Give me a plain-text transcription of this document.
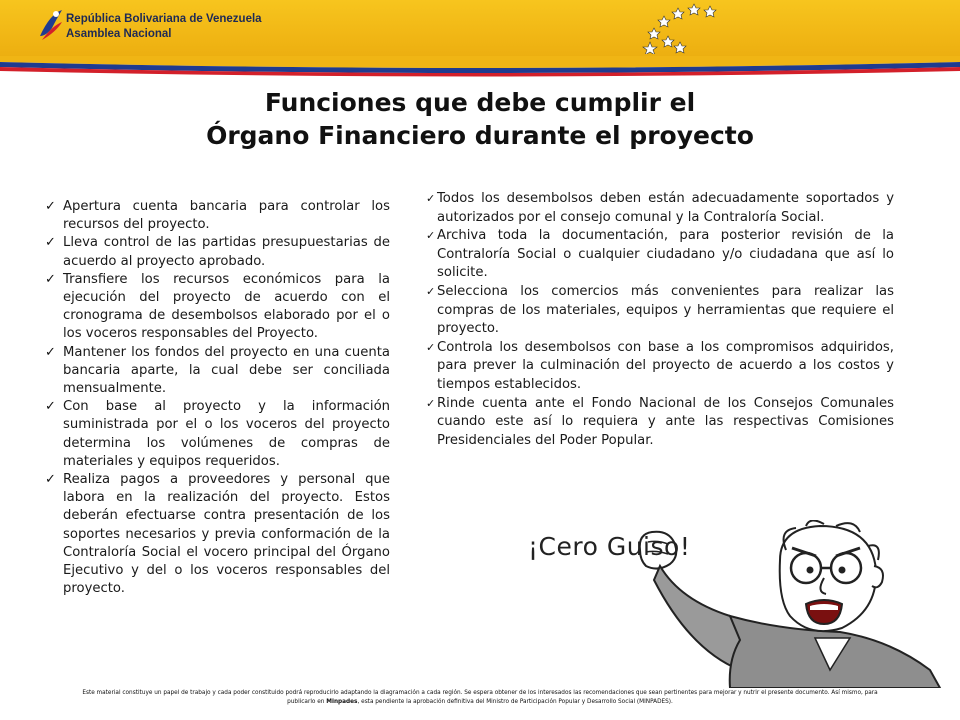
República Bolivariana de Venezuela
Asamblea Nacional
Funciones que debe cumplir el
Órgano Financiero durante el proyecto
✓ Apertura cuenta bancaria para controlar los recursos del proyecto.
✓ Lleva control de las partidas presupuestarias de acuerdo al proyecto aprobado.
✓ Transfiere los recursos económicos para la ejecución del proyecto de acuerdo con el cronograma de desembolsos elaborado por el o los voceros responsables del Proyecto.
✓ Mantener los fondos del proyecto en una cuenta bancaria aparte, la cual debe ser conciliada mensualmente.
✓ Con base al proyecto y la información suministrada por el o los voceros del proyecto determina los volúmenes de compras de materiales y equipos requeridos.
✓ Realiza pagos a proveedores y personal que labora en la realización del proyecto. Estos deberán efectuarse contra presentación de los soportes necesarios y previa conformación de la Contraloría Social el vocero principal del Órgano Ejecutivo y del o los voceros responsables del proyecto.
✓ Todos los desembolsos deben están adecuadamente soportados y autorizados por el consejo comunal y la Contraloría Social.
✓ Archiva toda la documentación, para posterior revisión de la Contraloría Social o cualquier ciudadano y/o ciudadana que así lo solicite.
✓ Selecciona los comercios más convenientes para realizar las compras de los materiales, equipos y herramientas que requiere el proyecto.
✓ Controla los desembolsos con base a los compromisos adquiridos, para prever la culminación del proyecto de acuerdo a los costos y tiempos establecidos.
✓ Rinde cuenta ante el Fondo Nacional de los Consejos Comunales cuando este así lo requiera y ante las respectivas Comisiones Presidenciales del Poder Popular.
¡Cero Guiso!
Este material constituye un papel de trabajo y cada poder constituido podrá reproducirlo adaptando la diagramación a cada región. Se espera obtener de los interesados las recomendaciones que sean pertinentes para mejorar y nutrir el presente documento. Así mismo, para
publicarlo en Minpades, esta pendiente la aprobación definitiva del Ministro de Participación Popular y Desarrollo Social (MINPADES).
